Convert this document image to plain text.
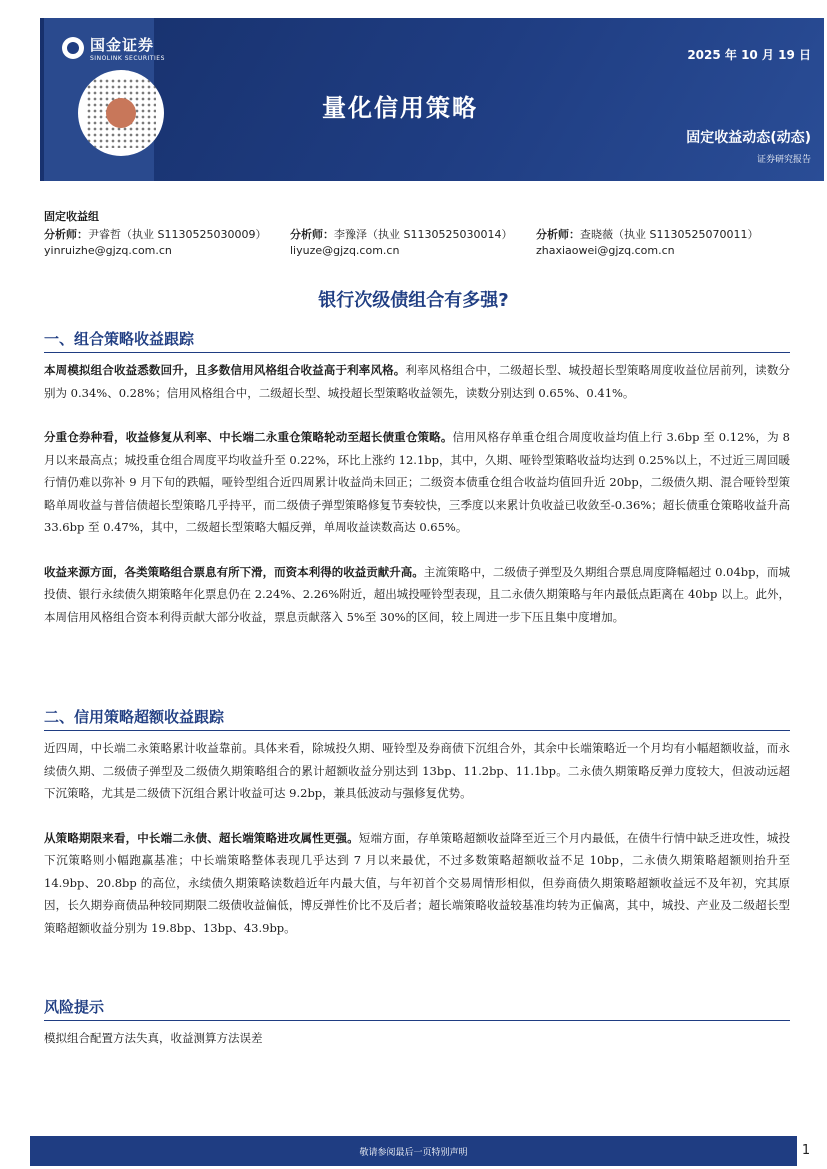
国金证券
SINOLINK SECURITIES	2025 年 10 月 19 日
量化信用策略
固定收益动态(动态)
证券研究报告
固定收益组
分析师：尹睿哲（执业 S1130525030009）
yinruizhe@gjzq.com.cn
分析师：李豫泽（执业 S1130525030014）
liyuze@gjzq.com.cn
分析师：查晓薇（执业 S1130525070011）
zhaxiaowei@gjzq.com.cn
银行次级债组合有多强?
一、组合策略收益跟踪

本周模拟组合收益悉数回升，且多数信用风格组合收益高于利率风格。利率风格组合中，二级超长型、城投超长型策略周度收益位居前列，读数分别为 0.34%、0.28%；信用风格组合中，二级超长型、城投超长型策略收益领先，读数分别达到 0.65%、0.41%。

分重仓券种看，收益修复从利率、中长端二永重仓策略轮动至超长债重仓策略。信用风格存单重仓组合周度收益均值上行 3.6bp 至 0.12%，为 8 月以来最高点；城投重仓组合周度平均收益升至 0.22%，环比上涨约 12.1bp，其中，久期、哑铃型策略收益均达到 0.25%以上，不过近三周回暖行情仍难以弥补 9 月下旬的跌幅，哑铃型组合近四周累计收益尚未回正；二级资本债重仓组合收益均值回升近 20bp，二级债久期、混合哑铃型策略单周收益与普信债超长型策略几乎持平，而二级债子弹型策略修复节奏较快，三季度以来累计负收益已收敛至-0.36%；超长债重仓策略收益升高 33.6bp 至 0.47%，其中，二级超长型策略大幅反弹，单周收益读数高达 0.65%。

收益来源方面，各类策略组合票息有所下滑，而资本利得的收益贡献升高。主流策略中，二级债子弹型及久期组合票息周度降幅超过 0.04bp，而城投债、银行永续债久期策略年化票息仍在 2.24%、2.26%附近，超出城投哑铃型表现，且二永债久期策略与年内最低点距离在 40bp 以上。此外，本周信用风格组合资本利得贡献大部分收益，票息贡献落入 5%至 30%的区间，较上周进一步下压且集中度增加。

二、信用策略超额收益跟踪

近四周，中长端二永策略累计收益靠前。具体来看，除城投久期、哑铃型及券商债下沉组合外，其余中长端策略近一个月均有小幅超额收益，而永续债久期、二级债子弹型及二级债久期策略组合的累计超额收益分别达到 13bp、11.2bp、11.1bp。二永债久期策略反弹力度较大，但波动远超下沉策略，尤其是二级债下沉组合累计收益可达 9.2bp，兼具低波动与强修复优势。

从策略期限来看，中长端二永债、超长端策略进攻属性更强。短端方面，存单策略超额收益降至近三个月内最低，在债牛行情中缺乏进攻性，城投下沉策略则小幅跑赢基准；中长端策略整体表现几乎达到 7 月以来最优，不过多数策略超额收益不足 10bp，二永债久期策略超额则抬升至 14.9bp、20.8bp 的高位，永续债久期策略读数趋近年内最大值，与年初首个交易周情形相似，但券商债久期策略超额收益远不及年初，究其原因，长久期券商债品种较同期限二级债收益偏低，博反弹性价比不及后者；超长端策略收益较基准均转为正偏离，其中，城投、产业及二级超长型策略超额收益分别为 19.8bp、13bp、43.9bp。

风险提示

模拟组合配置方法失真，收益测算方法误差

敬请参阅最后一页特别声明	1
